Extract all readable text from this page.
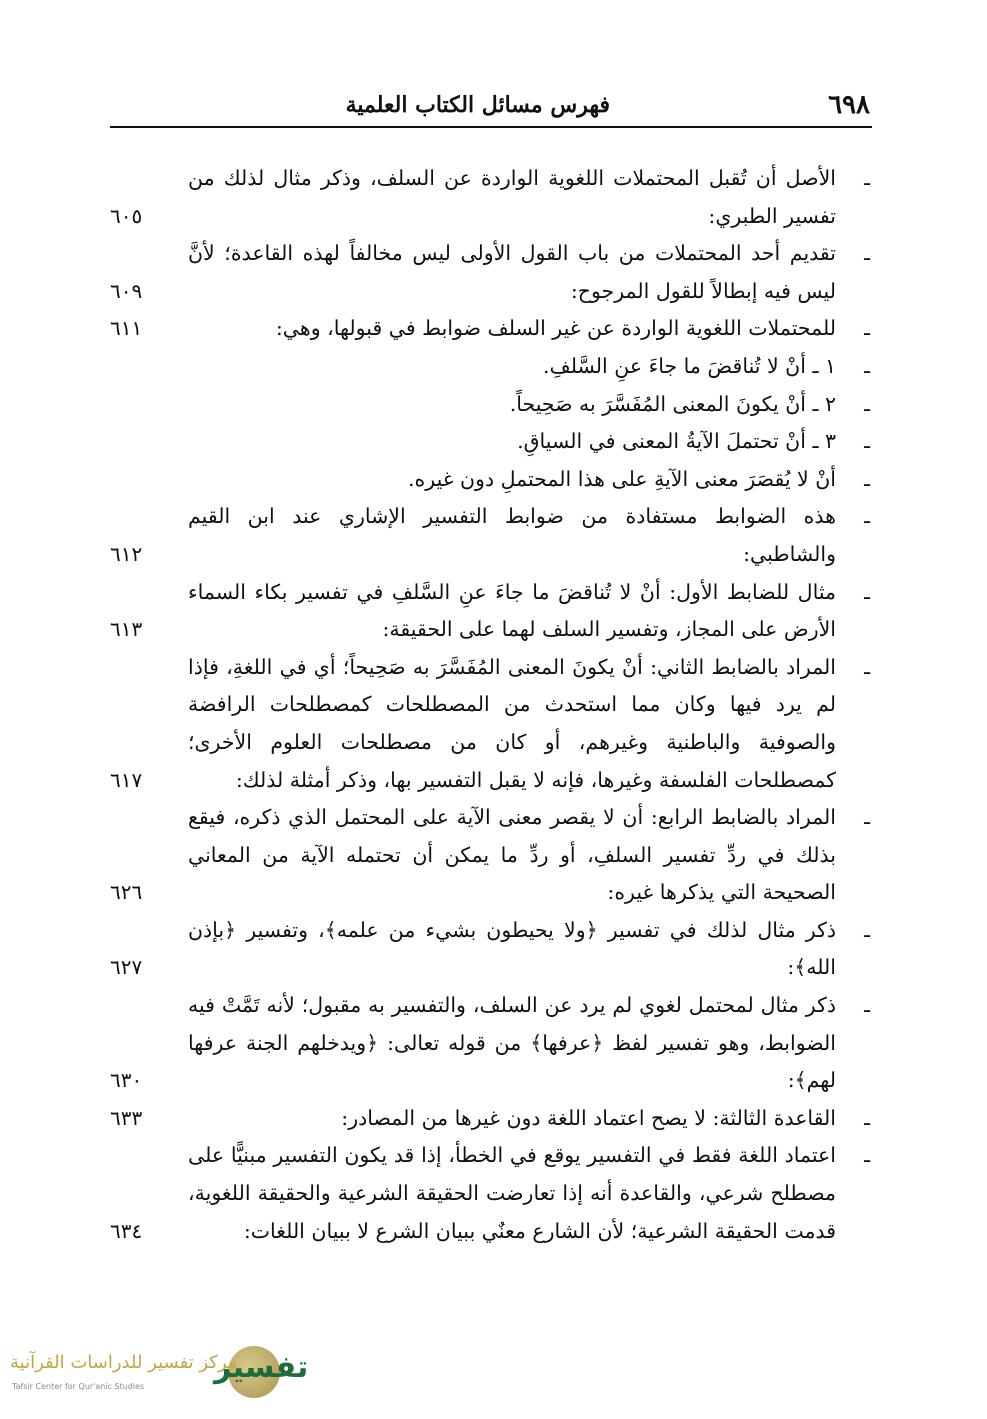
٦٩٨
فهرس مسائل الكتاب العلمية
ـ الأصل أن تُقبل المحتملات اللغوية الواردة عن السلف، وذكر مثال لذلك من تفسير الطبري:
٦٠٥
ـ تقديم أحد المحتملات من باب القول الأولى ليس مخالفاً لهذه القاعدة؛ لأنَّ ليس فيه إبطالاً للقول المرجوح:
٦٠٩
ـ للمحتملات اللغوية الواردة عن غير السلف ضوابط في قبولها، وهي:
٦١١
ـ ١ ـ أنْ لا تُناقضَ ما جاءَ عنِ السَّلفِ.
ـ ٢ ـ أنْ يكونَ المعنى المُفَسَّرَ به صَحِيحاً.
ـ ٣ ـ أنْ تحتملَ الآيةُ المعنى في السياقِ.
ـ أنْ لا يُقصَرَ معنى الآيةِ على هذا المحتملِ دون غيره.
ـ هذه الضوابط مستفادة من ضوابط التفسير الإشاري عند ابن القيم والشاطبي:
٦١٢
ـ مثال للضابط الأول: أنْ لا تُناقضَ ما جاءَ عنِ السَّلفِ في تفسير بكاء السماء الأرض على المجاز، وتفسير السلف لهما على الحقيقة:
٦١٣
ـ المراد بالضابط الثاني: أنْ يكونَ المعنى المُفَسَّرَ به صَحِيحاً؛ أي في اللغةِ، فإذا لم يرد فيها وكان مما استحدث من المصطلحات كمصطلحات الرافضة والصوفية والباطنية وغيرهم، أو كان من مصطلحات العلوم الأخرى؛ كمصطلحات الفلسفة وغيرها، فإنه لا يقبل التفسير بها، وذكر أمثلة لذلك:
٦١٧
ـ المراد بالضابط الرابع: أن لا يقصر معنى الآية على المحتمل الذي ذكره، فيقع بذلك في ردِّ تفسير السلفِ، أو ردِّ ما يمكن أن تحتمله الآية من المعاني الصحيحة التي يذكرها غيره:
٦٢٦
ـ ذكر مثال لذلك في تفسير ﴿ولا يحيطون بشيء من علمه﴾، وتفسير ﴿بإذن الله﴾:
٦٢٧
ـ ذكر مثال لمحتمل لغوي لم يرد عن السلف، والتفسير به مقبول؛ لأنه تَمَّتْ فيه الضوابط، وهو تفسير لفظ ﴿عرفها﴾ من قوله تعالى: ﴿ويدخلهم الجنة عرفها لهم﴾:
٦٣٠
ـ القاعدة الثالثة: لا يصح اعتماد اللغة دون غيرها من المصادر:
٦٣٣
ـ اعتماد اللغة فقط في التفسير يوقع في الخطأ، إذا قد يكون التفسير مبنيًّا على مصطلح شرعي، والقاعدة أنه إذا تعارضت الحقيقة الشرعية والحقيقة اللغوية، قدمت الحقيقة الشرعية؛ لأن الشارع معنٌي ببيان الشرع لا ببيان اللغات:
٦٣٤
تفسير
مركز تفسير للدراسات القرآنية
Tafsir Center for Qur'anic Studies
